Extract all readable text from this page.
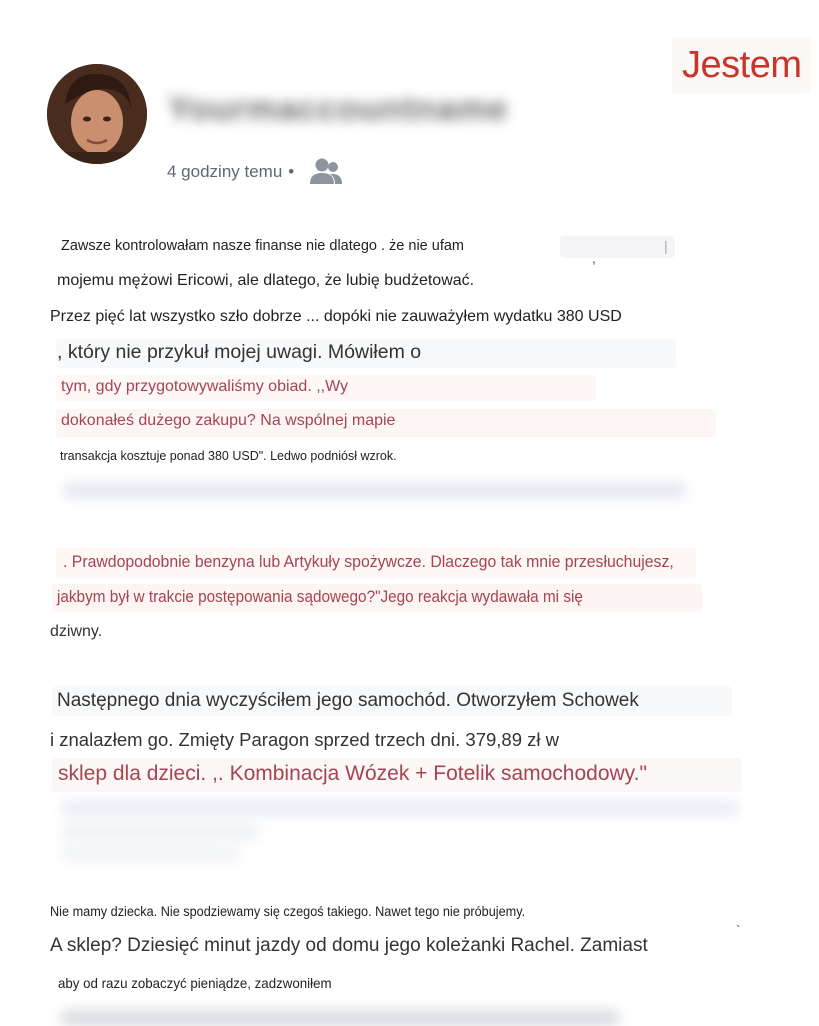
Yourmaccountname
4 godziny temu •
Jestem
Zawsze kontrolowałam nasze finanse nie dlatego . że nie ufam
mojemu mężowi Ericowi, ale dlatego, że lubię budżetować.
Przez pięć lat wszystko szło dobrze ... dopóki nie zauważyłem wydatku 380 USD
, który nie przykuł mojej uwagi. Mówiłem o
tym, gdy przygotowywaliśmy obiad. ,,Wy
dokonałeś dużego zakupu? Na wspólnej mapie
transakcja kosztuje ponad 380 USD". Ledwo podniósł wzrok.
. Prawdopodobnie benzyna lub Artykuły spożywcze. Dlaczego tak mnie przesłuchujesz,
jakbym był w trakcie postępowania sądowego?"Jego reakcja wydawała mi się
dziwny.
Następnego dnia wyczyściłem jego samochód. Otworzyłem Schowek
i znalazłem go. Zmięty Paragon sprzed trzech dni. 379,89 zł w
sklep dla dzieci. ,. Kombinacja Wózek + Fotelik samochodowy."
Nie mamy dziecka. Nie spodziewamy się czegoś takiego. Nawet tego nie próbujemy.
A sklep? Dziesięć minut jazdy od domu jego koleżanki Rachel. Zamiast
aby od razu zobaczyć pieniądze, zadzwoniłem
,
|
`
